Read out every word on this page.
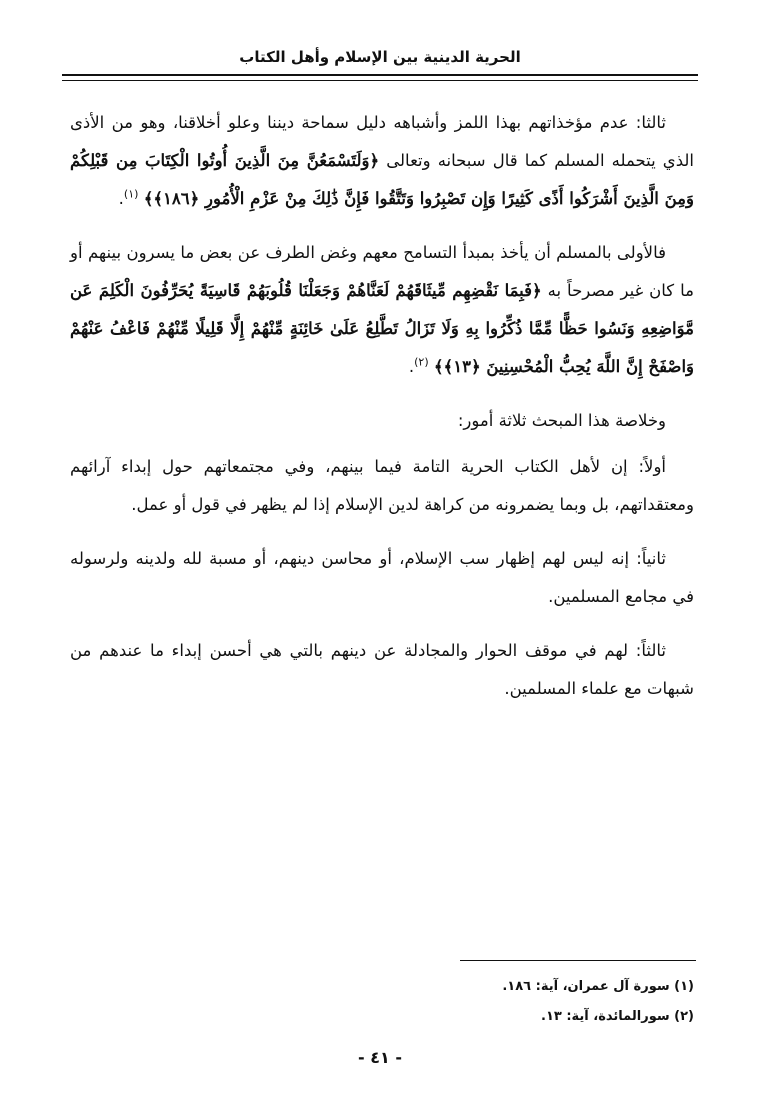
الحرية الدينية بين الإسلام وأهل الكتاب

ثالثا: عدم مؤخذاتهم بهذا اللمز وأشباهه دليل سماحة ديننا وعلو أخلاقنا، وهو من الأذى الذي يتحمله المسلم كما قال سبحانه وتعالى ﴿وَلَتَسْمَعُنَّ مِنَ الَّذِينَ أُوتُوا الْكِتَابَ مِن قَبْلِكُمْ وَمِنَ الَّذِينَ أَشْرَكُوا أَذًى كَثِيرًا وَإِن تَصْبِرُوا وَتَتَّقُوا فَإِنَّ ذَٰلِكَ مِنْ عَزْمِ الْأُمُورِ ﴿١٨٦﴾﴾ $^{(١)}$.

فالأولى بالمسلم أن يأخذ بمبدأ التسامح معهم وغض الطرف عن بعض ما يسرون بينهم أو ما كان غير مصرحاً به ﴿فَبِمَا نَقْضِهِم مِّيثَاقَهُمْ لَعَنَّاهُمْ وَجَعَلْنَا قُلُوبَهُمْ قَاسِيَةً يُحَرِّفُونَ الْكَلِمَ عَن مَّوَاضِعِهِ وَنَسُوا حَظًّا مِّمَّا ذُكِّرُوا بِهِ وَلَا تَزَالُ تَطَّلِعُ عَلَىٰ خَائِنَةٍ مِّنْهُمْ إِلَّا قَلِيلًا مِّنْهُمْ فَاعْفُ عَنْهُمْ وَاصْفَحْ إِنَّ اللَّهَ يُحِبُّ الْمُحْسِنِينَ ﴿١٣﴾﴾ $^{(٢)}$.

وخلاصة هذا المبحث ثلاثة أمور:

أولاً: إن لأهل الكتاب الحرية التامة فيما بينهم، وفي مجتمعاتهم حول إبداء آرائهم ومعتقداتهم، بل وبما يضمرونه من كراهة لدين الإسلام إذا لم يظهر في قول أو عمل.

ثانياً: إنه ليس لهم إظهار سب الإسلام، أو محاسن دينهم، أو مسبة لله ولدينه ولرسوله في مجامع المسلمين.

ثالثاً: لهم في موقف الحوار والمجادلة عن دينهم بالتي هي أحسن إبداء ما عندهم من شبهات مع علماء المسلمين.

(١) سورة آل عمران، آية: ١٨٦.
(٢) سورالمائدة، آية: ١٣.
- ٤١ -
